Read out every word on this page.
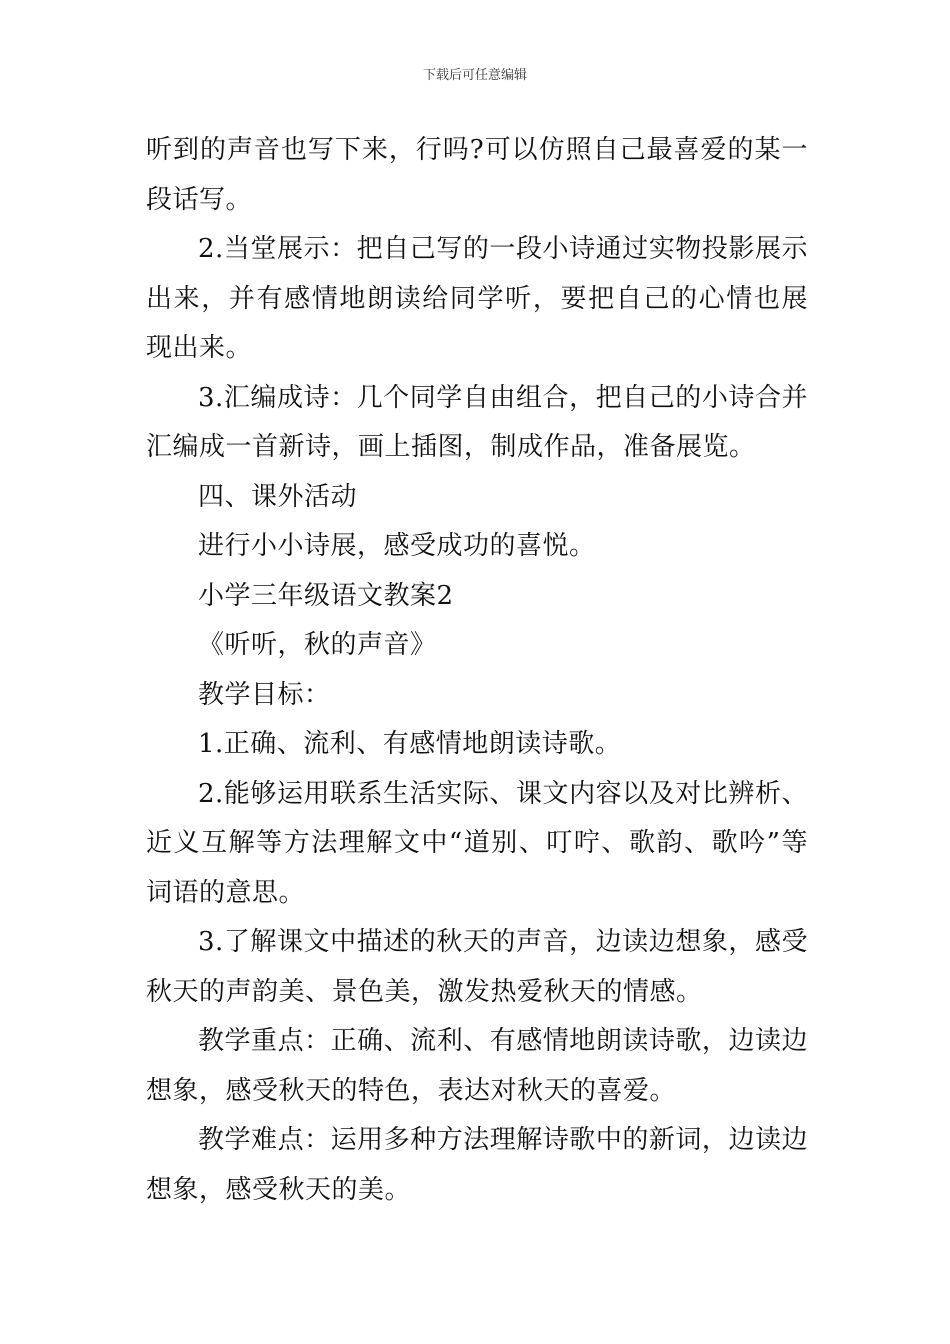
下载后可任意编辑

听到的声音也写下来，行吗?可以仿照自己最喜爱的某一段话写。

2.当堂展示：把自己写的一段小诗通过实物投影展示出来，并有感情地朗读给同学听，要把自己的心情也展现出来。

3.汇编成诗：几个同学自由组合，把自己的小诗合并汇编成一首新诗，画上插图，制成作品，准备展览。

四、课外活动

进行小小诗展，感受成功的喜悦。

小学三年级语文教案2

《听听，秋的声音》

教学目标：

1.正确、流利、有感情地朗读诗歌。

2.能够运用联系生活实际、课文内容以及对比辨析、近义互解等方法理解文中“道别、叮咛、歌韵、歌吟”等词语的意思。

3.了解课文中描述的秋天的声音，边读边想象，感受秋天的声韵美、景色美，激发热爱秋天的情感。

教学重点：正确、流利、有感情地朗读诗歌，边读边想象，感受秋天的特色，表达对秋天的喜爱。

教学难点：运用多种方法理解诗歌中的新词，边读边想象，感受秋天的美。
